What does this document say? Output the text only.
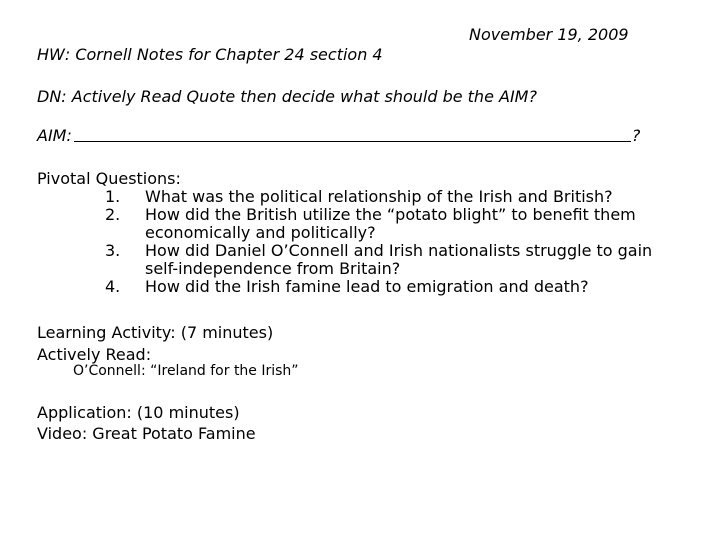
November 19, 2009
HW: Cornell Notes for Chapter 24 section 4
DN: Actively Read Quote then decide what should be the AIM?
AIM:	?
Pivotal Questions:
1.	What was the political relationship of the Irish and British?
2.	How did the British utilize the “potato blight” to benefit them economically and politically?
3.	How did Daniel O’Connell and Irish nationalists struggle to gain self-independence from Britain?
4.	How did the Irish famine lead to emigration and death?
Learning Activity: (7 minutes)
Actively Read:
O’Connell: “Ireland for the Irish”
Application: (10 minutes)
Video: Great Potato Famine
